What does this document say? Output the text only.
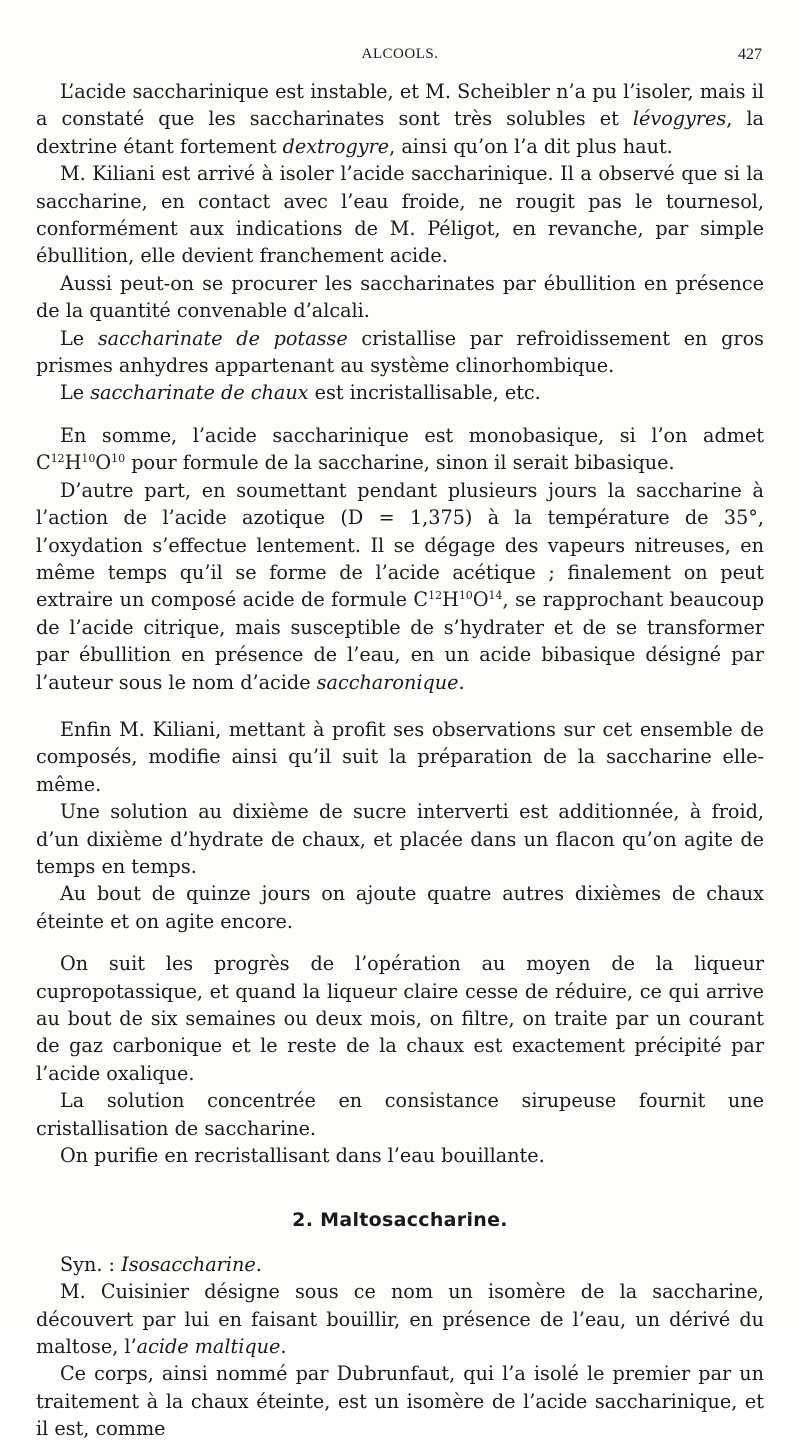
ALCOOLS.	427

L’acide saccharinique est instable, et M. Scheibler n’a pu l’isoler, mais il a constaté que les saccharinates sont très solubles et lévogyres, la dextrine étant fortement dextrogyre, ainsi qu’on l’a dit plus haut.

M. Kiliani est arrivé à isoler l’acide saccharinique. Il a observé que si la saccharine, en contact avec l’eau froide, ne rougit pas le tournesol, conformément aux indications de M. Péligot, en revanche, par simple ébullition, elle devient franchement acide.

Aussi peut-on se procurer les saccharinates par ébullition en présence de la quantité convenable d’alcali.

Le saccharinate de potasse cristallise par refroidissement en gros prismes anhydres appartenant au système clinorhombique.

Le saccharinate de chaux est incristallisable, etc.

En somme, l’acide saccharinique est monobasique, si l’on admet $C^{12}H^{10}O^{10}$ pour formule de la saccharine, sinon il serait bibasique.

D’autre part, en soumettant pendant plusieurs jours la saccharine à l’action de l’acide azotique (D = 1,375) à la température de 35°, l’oxydation s’effectue lentement. Il se dégage des vapeurs nitreuses, en même temps qu’il se forme de l’acide acétique ; finalement on peut extraire un composé acide de formule $C^{12}H^{10}O^{14}$, se rapprochant beaucoup de l’acide citrique, mais susceptible de s’hydrater et de se transformer par ébullition en présence de l’eau, en un acide bibasique désigné par l’auteur sous le nom d’acide saccharonique.

Enfin M. Kiliani, mettant à profit ses observations sur cet ensemble de composés, modifie ainsi qu’il suit la préparation de la saccharine elle-même.

Une solution au dixième de sucre interverti est additionnée, à froid, d’un dixième d’hydrate de chaux, et placée dans un flacon qu’on agite de temps en temps.

Au bout de quinze jours on ajoute quatre autres dixièmes de chaux éteinte et on agite encore.

On suit les progrès de l’opération au moyen de la liqueur cupropotassique, et quand la liqueur claire cesse de réduire, ce qui arrive au bout de six semaines ou deux mois, on filtre, on traite par un courant de gaz carbonique et le reste de la chaux est exactement précipité par l’acide oxalique.

La solution concentrée en consistance sirupeuse fournit une cristallisation de saccharine.

On purifie en recristallisant dans l’eau bouillante.

2. Maltosaccharine.

Syn. : Isosaccharine.

M. Cuisinier désigne sous ce nom un isomère de la saccharine, découvert par lui en faisant bouillir, en présence de l’eau, un dérivé du maltose, l’acide maltique.

Ce corps, ainsi nommé par Dubrunfaut, qui l’a isolé le premier par un traitement à la chaux éteinte, est un isomère de l’acide saccharinique, et il est, comme
